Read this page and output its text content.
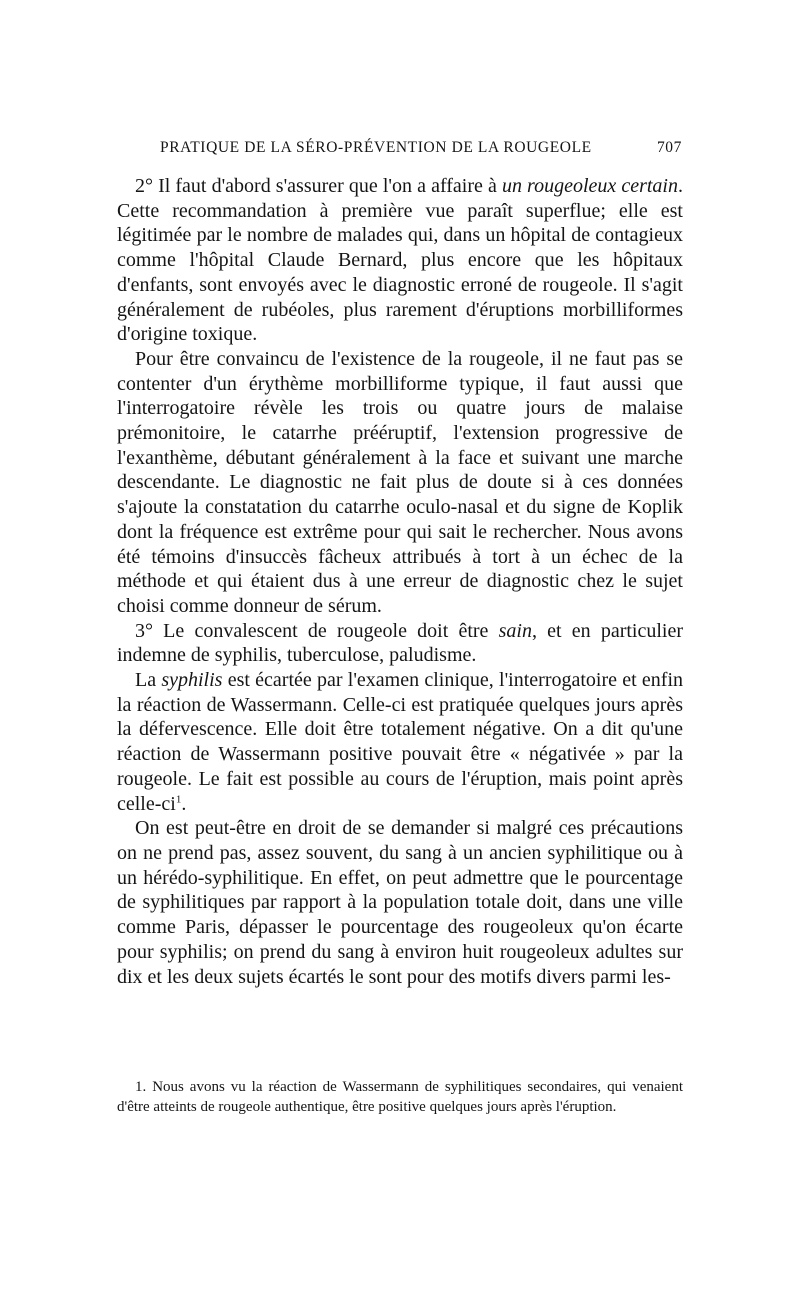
PRATIQUE DE LA SÉRO-PRÉVENTION DE LA ROUGEOLE	707

2° Il faut d'abord s'assurer que l'on a affaire à un rougeoleux certain. Cette recommandation à première vue paraît superflue; elle est légitimée par le nombre de malades qui, dans un hôpital de contagieux comme l'hôpital Claude Bernard, plus encore que les hôpitaux d'enfants, sont envoyés avec le diagnostic erroné de rougeole. Il s'agit généralement de rubéoles, plus rarement d'éruptions morbilliformes d'origine toxique.

Pour être convaincu de l'existence de la rougeole, il ne faut pas se contenter d'un érythème morbilliforme typique, il faut aussi que l'interrogatoire révèle les trois ou quatre jours de malaise prémonitoire, le catarrhe prééruptif, l'extension progressive de l'exanthème, débutant généralement à la face et suivant une marche descendante. Le diagnostic ne fait plus de doute si à ces données s'ajoute la constatation du catarrhe oculo-nasal et du signe de Koplik dont la fréquence est extrême pour qui sait le rechercher. Nous avons été témoins d'insuccès fâcheux attribués à tort à un échec de la méthode et qui étaient dus à une erreur de diagnostic chez le sujet choisi comme donneur de sérum.

3° Le convalescent de rougeole doit être sain, et en particulier indemne de syphilis, tuberculose, paludisme.

La syphilis est écartée par l'examen clinique, l'interrogatoire et enfin la réaction de Wassermann. Celle-ci est pratiquée quelques jours après la défervescence. Elle doit être totalement négative. On a dit qu'une réaction de Wassermann positive pouvait être « négativée » par la rougeole. Le fait est possible au cours de l'éruption, mais point après celle-ci$^1$.

On est peut-être en droit de se demander si malgré ces précautions on ne prend pas, assez souvent, du sang à un ancien syphilitique ou à un hérédo-syphilitique. En effet, on peut admettre que le pourcentage de syphilitiques par rapport à la population totale doit, dans une ville comme Paris, dépasser le pourcentage des rougeoleux qu'on écarte pour syphilis; on prend du sang à environ huit rougeoleux adultes sur dix et les deux sujets écartés le sont pour des motifs divers parmi les-

1. Nous avons vu la réaction de Wassermann de syphilitiques secondaires, qui venaient d'être atteints de rougeole authentique, être positive quelques jours après l'éruption.
